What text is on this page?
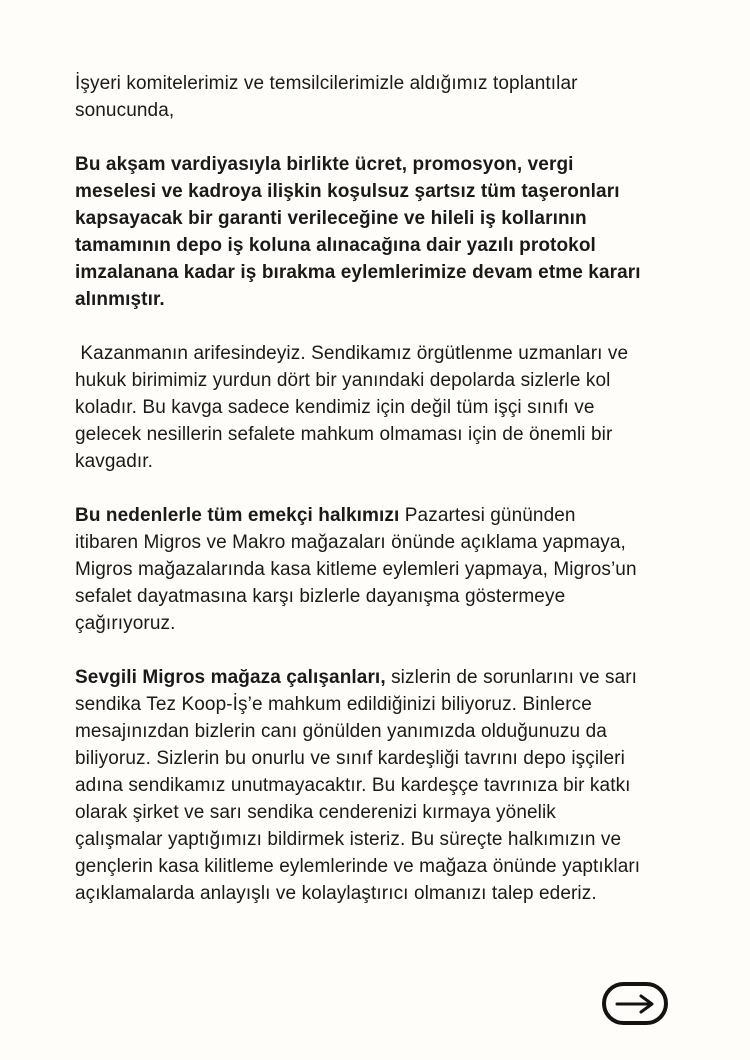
İşyeri komitelerimiz ve temsilcilerimizle aldığımız toplantılar sonucunda,

Bu akşam vardiyasıyla birlikte ücret, promosyon, vergi meselesi ve kadroya ilişkin koşulsuz şartsız tüm taşeronları kapsayacak bir garanti verileceğine ve hileli iş kollarının tamamının depo iş koluna alınacağına dair yazılı protokol imzalanana kadar iş bırakma eylemlerimize devam etme kararı alınmıştır.

Kazanmanın arifesindeyiz. Sendikamız örgütlenme uzmanları ve hukuk birimimiz yurdun dört bir yanındaki depolarda sizlerle kol koladır. Bu kavga sadece kendimiz için değil tüm işçi sınıfı ve gelecek nesillerin sefalete mahkum olmaması için de önemli bir kavgadır.

Bu nedenlerle tüm emekçi halkımızı Pazartesi gününden itibaren Migros ve Makro mağazaları önünde açıklama yapmaya, Migros mağazalarında kasa kitleme eylemleri yapmaya, Migros’un sefalet dayatmasına karşı bizlerle dayanışma göstermeye çağırıyoruz.

Sevgili Migros mağaza çalışanları, sizlerin de sorunlarını ve sarı sendika Tez Koop-İş’e mahkum edildiğinizi biliyoruz. Binlerce mesajınızdan bizlerin canı gönülden yanımızda olduğunuzu da biliyoruz. Sizlerin bu onurlu ve sınıf kardeşliği tavrını depo işçileri adına sendikamız unutmayacaktır. Bu kardeşçe tavrınıza bir katkı olarak şirket ve sarı sendika cenderenizi kırmaya yönelik çalışmalar yaptığımızı bildirmek isteriz. Bu süreçte halkımızın ve gençlerin kasa kilitleme eylemlerinde ve mağaza önünde yaptıkları açıklamalarda anlayışlı ve kolaylaştırıcı olmanızı talep ederiz.
